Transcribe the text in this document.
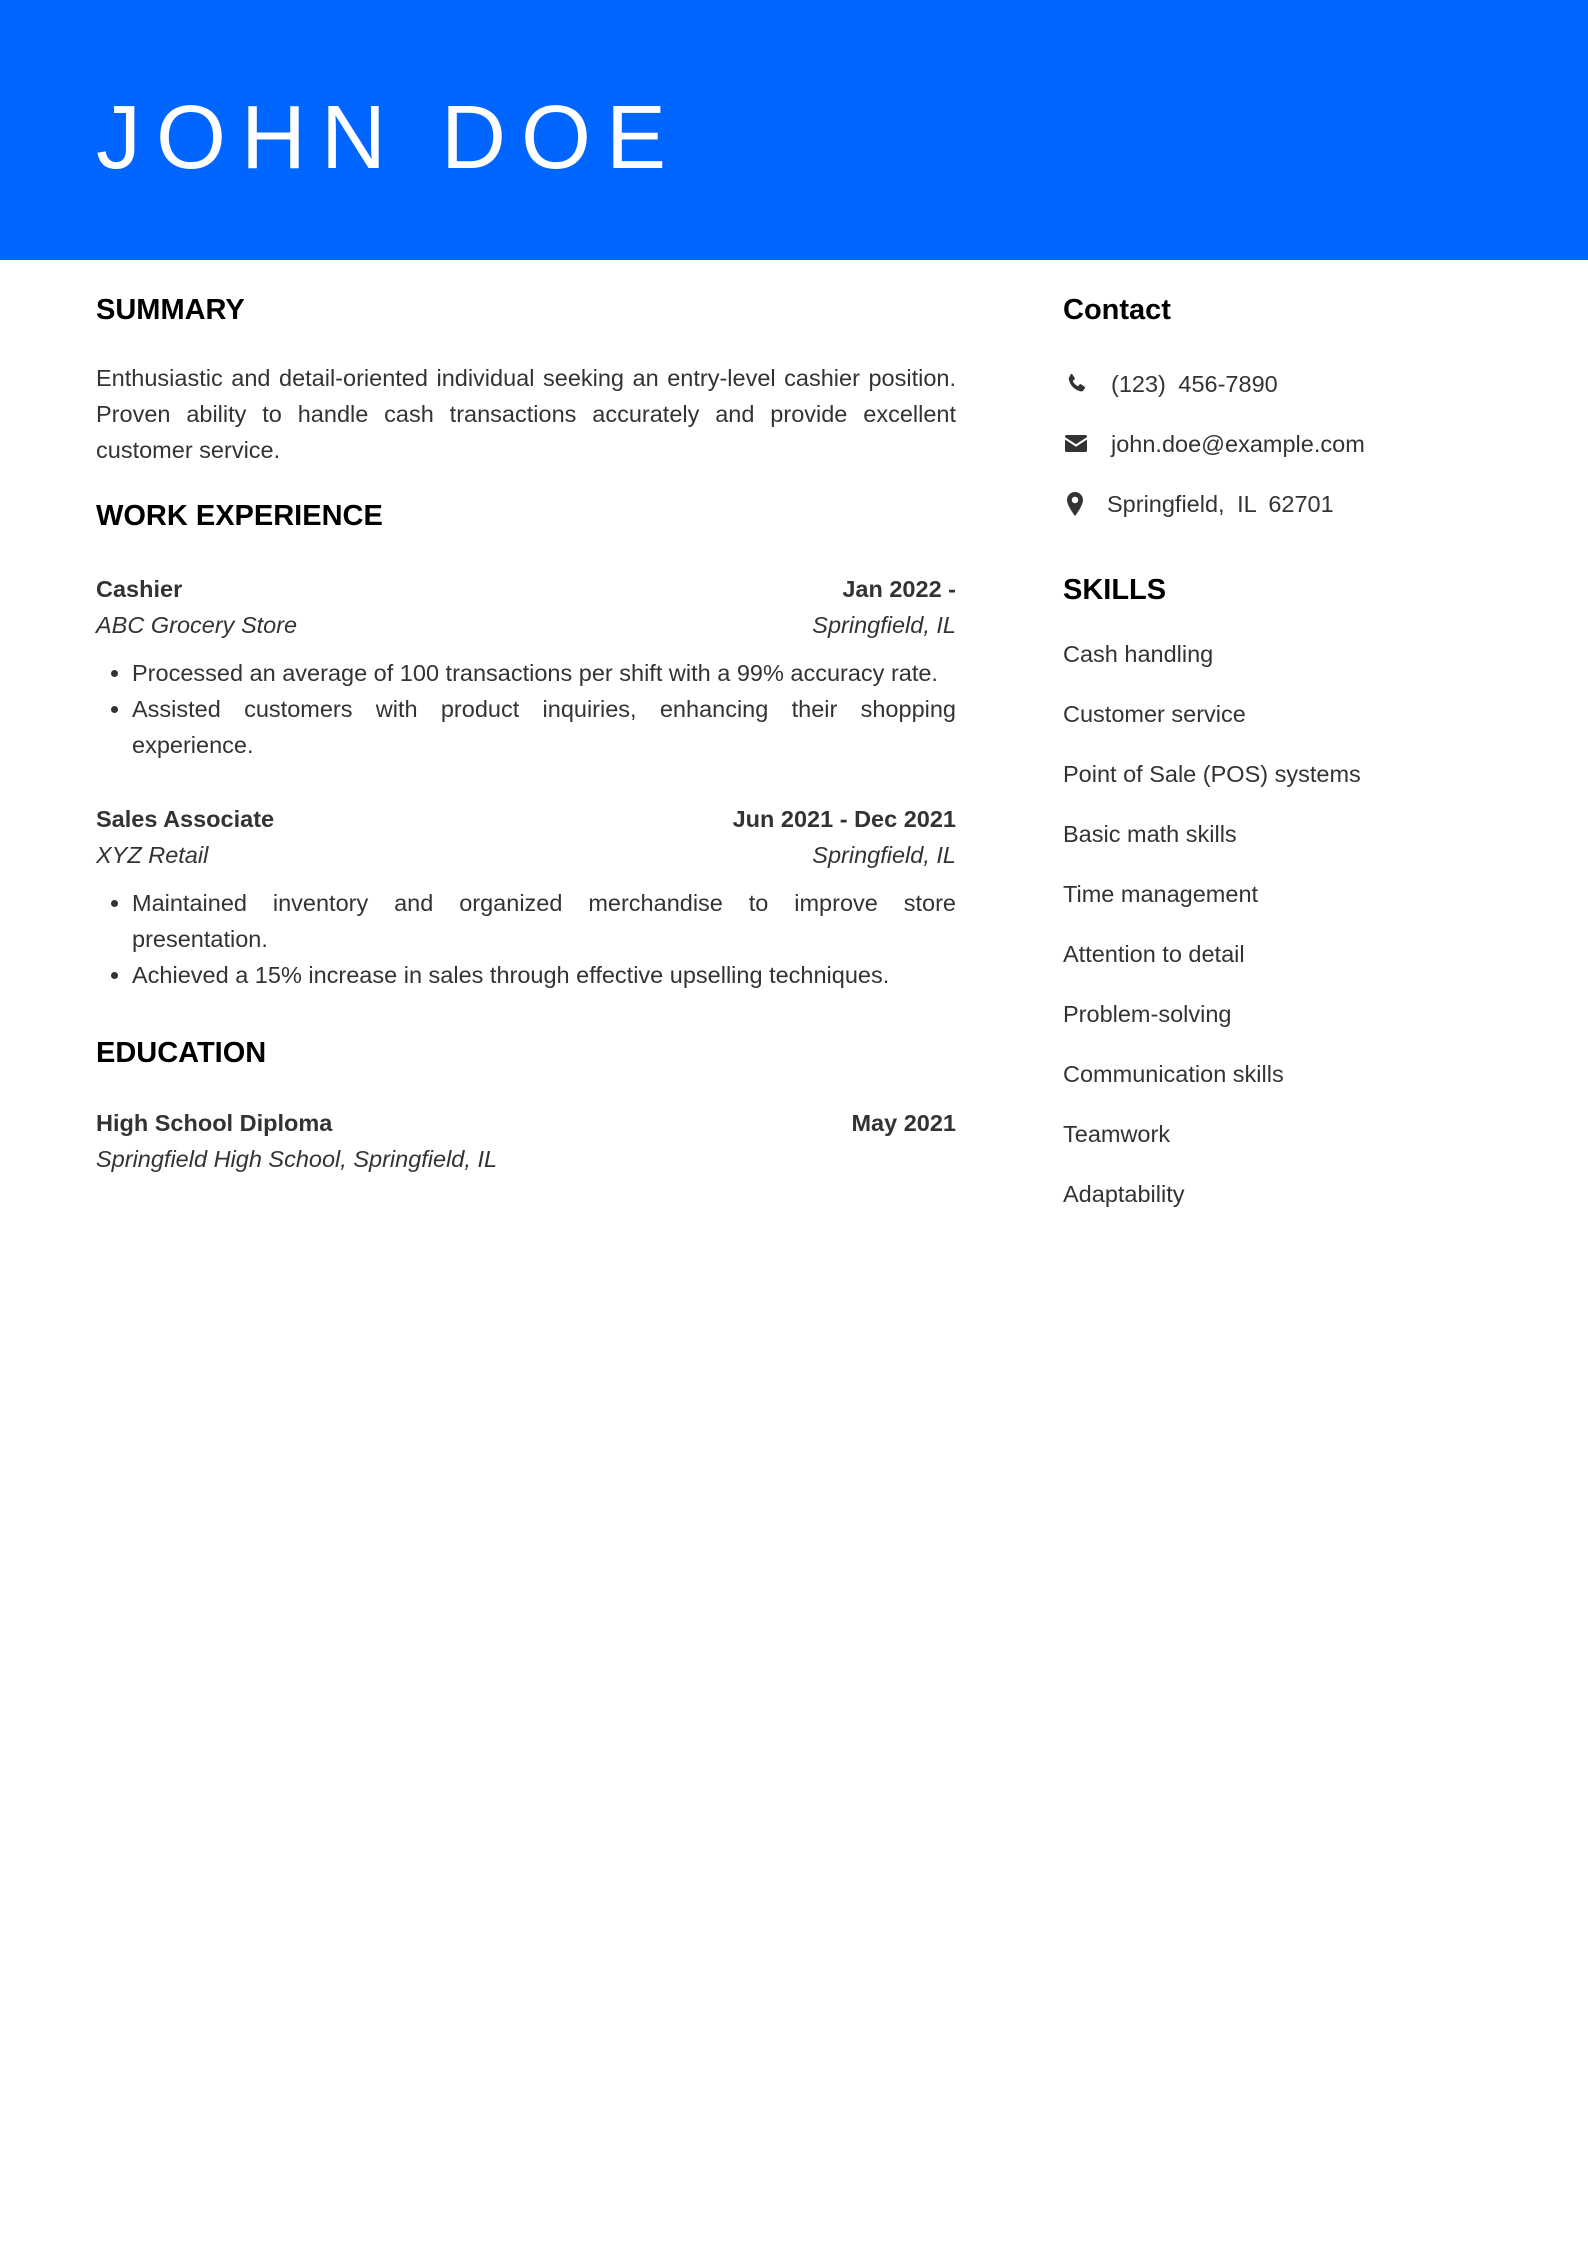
JOHN DOE
SUMMARY

Enthusiastic and detail-oriented individual seeking an entry-level cashier position. Proven ability to handle cash transactions accurately and provide excellent customer service.

WORK EXPERIENCE
Cashier	Jan 2022 -
ABC Grocery Store	Springfield, IL
• Processed an average of 100 transactions per shift with a 99% accuracy rate.
• Assisted customers with product inquiries, enhancing their shopping experience.
Sales Associate	Jun 2021 - Dec 2021
XYZ Retail	Springfield, IL
• Maintained inventory and organized merchandise to improve store presentation.
• Achieved a 15% increase in sales through effective upselling techniques.
EDUCATION
High School Diploma	May 2021
Springfield High School, Springfield, IL
Contact
(123) 456-7890
john.doe@example.com
Springfield, IL 62701
SKILLS
Cash handling
Customer service
Point of Sale (POS) systems
Basic math skills
Time management
Attention to detail
Problem-solving
Communication skills
Teamwork
Adaptability
